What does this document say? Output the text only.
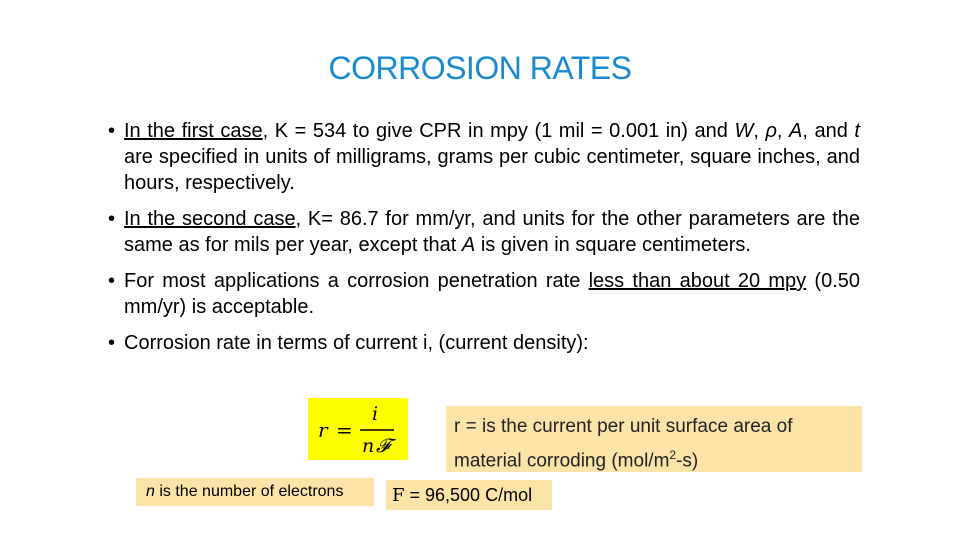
CORROSION RATES
• In the first case, K = 534 to give CPR in mpy (1 mil = 0.001 in) and W, ρ, A, and t are specified in units of milligrams, grams per cubic centimeter, square inches, and hours, respectively.
• In the second case, K= 86.7 for mm/yr, and units for the other parameters are the same as for mils per year, except that A is given in square centimeters.
• For most applications a corrosion penetration rate less than about 20 mpy (0.50 mm/yr) is acceptable.
• Corrosion rate in terms of current i, (current density):
r =
i
n 𝓕
r = is the current per unit surface area of material corroding $(mol/m^2-s)$
n is the number of electrons	F = 96,500 C/mol
